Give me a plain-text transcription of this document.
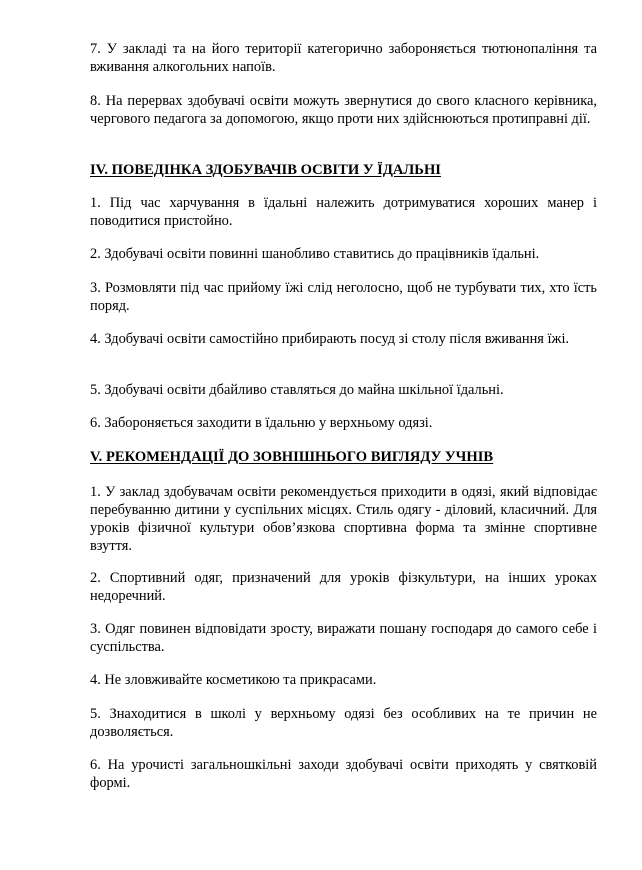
7. У закладі та на його території категорично забороняється тютюнопаління та вживання алкогольних напоїв.

8. На перервах здобувачі освіти можуть звернутися до свого класного керівника, чергового педагога за допомогою, якщо проти них здійснюються протиправні дії.

IV. ПОВЕДІНКА ЗДОБУВАЧІВ ОСВІТИ У ЇДАЛЬНІ

1. Під час харчування в їдальні належить дотримуватися хороших манер і поводитися пристойно.

2. Здобувачі освіти повинні шанобливо ставитись до працівників їдальні.

3. Розмовляти під час прийому їжі слід неголосно, щоб не турбувати тих, хто їсть поряд.

4. Здобувачі освіти самостійно прибирають посуд зі столу після вживання їжі.

5. Здобувачі освіти дбайливо ставляться до майна шкільної їдальні.

6. Забороняється заходити в їдальню у верхньому одязі.

V. РЕКОМЕНДАЦІЇ ДО ЗОВНІШНЬОГО ВИГЛЯДУ УЧНІВ

1. У заклад здобувачам освіти рекомендується приходити в одязі, який відповідає перебуванню дитини у суспільних місцях. Стиль одягу - діловий, класичний. Для уроків фізичної культури обов’язкова спортивна форма та змінне спортивне взуття.

2. Спортивний одяг, призначений для уроків фізкультури, на інших уроках недоречний.

3. Одяг повинен відповідати зросту, виражати пошану господаря до самого себе і суспільства.

4. Не зловживайте косметикою та прикрасами.

5. Знаходитися в школі у верхньому одязі без особливих на те причин не дозволяється.

6. На урочисті загальношкільні заходи здобувачі освіти приходять у святковій формі.
